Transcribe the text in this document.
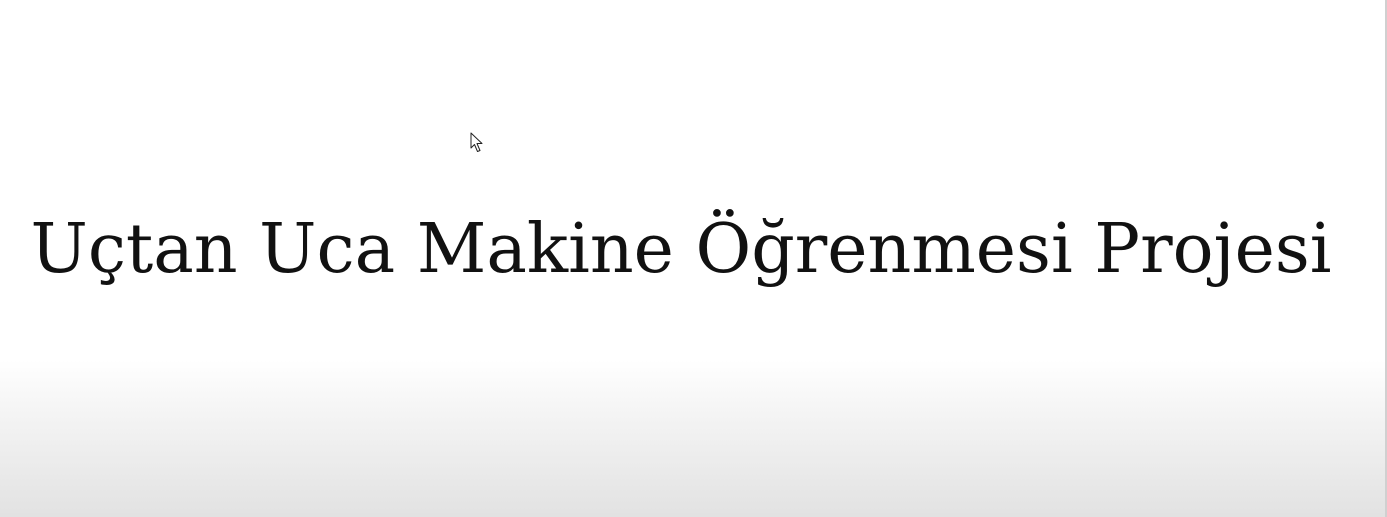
Uçtan Uca Makine Öğrenmesi Projesi
